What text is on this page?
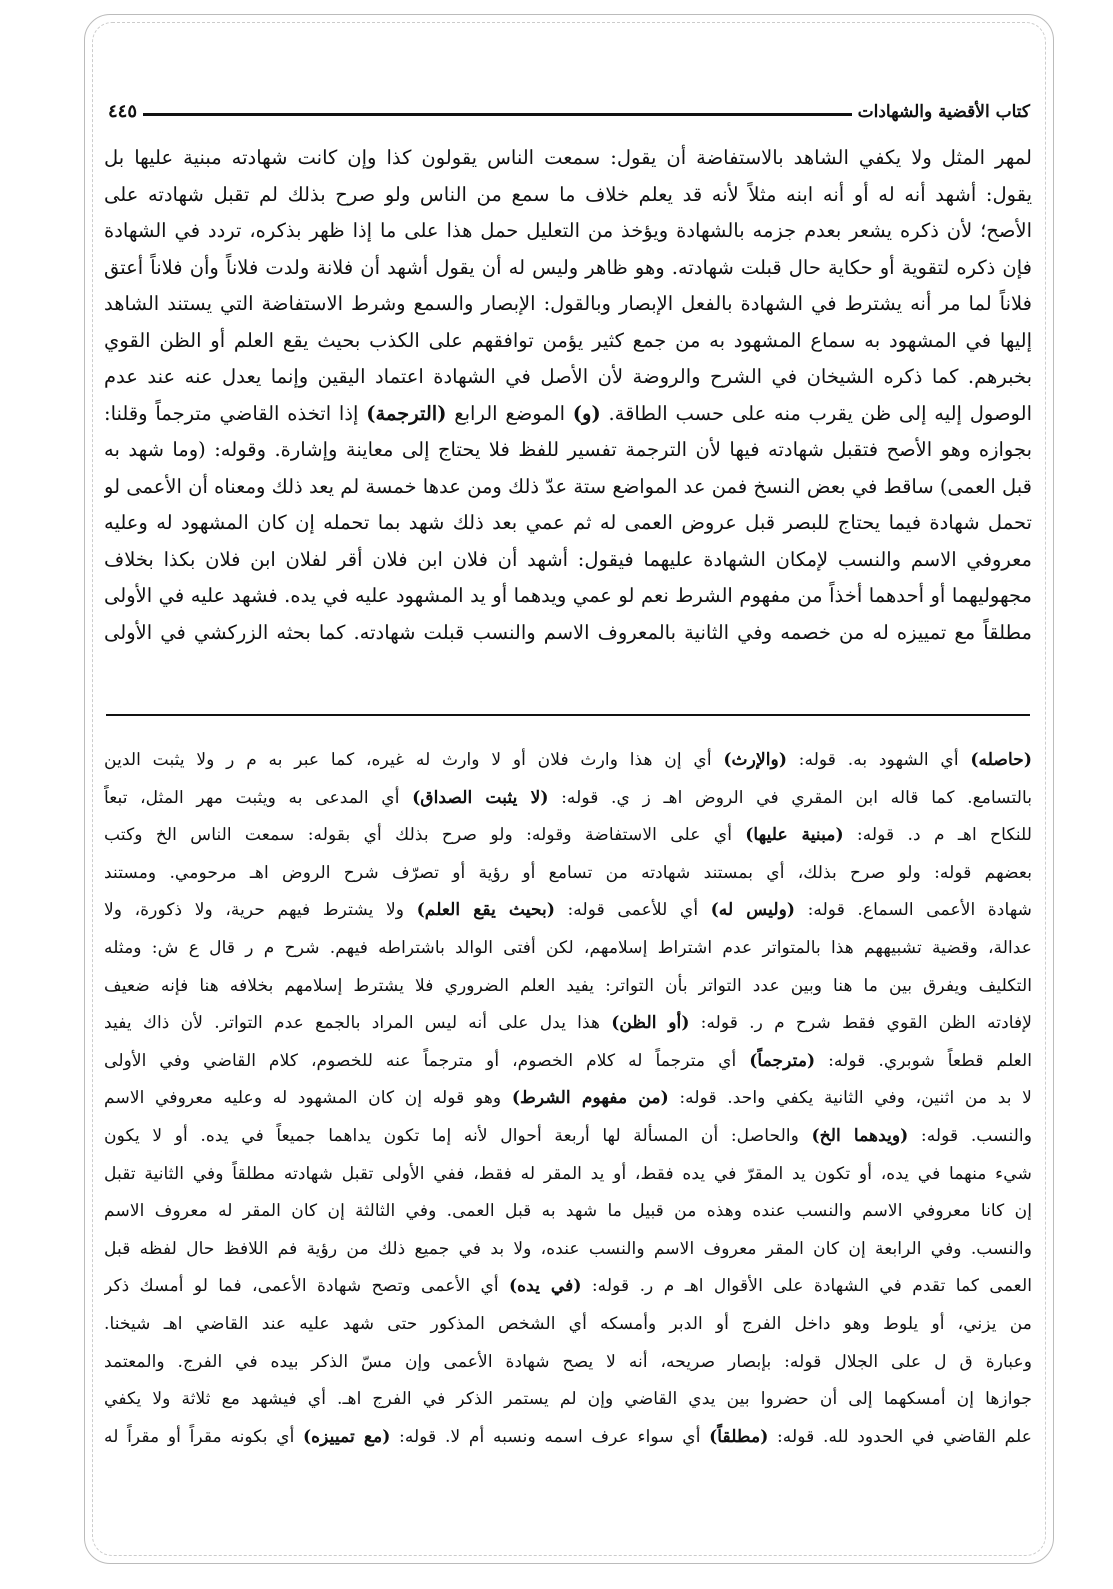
كتاب الأقضية والشهادات
٤٤٥
لمهر المثل ولا يكفي الشاهد بالاستفاضة أن يقول: سمعت الناس يقولون كذا وإن كانت شهادته مبنية عليها بل
يقول: أشهد أنه له أو أنه ابنه مثلاً لأنه قد يعلم خلاف ما سمع من الناس ولو صرح بذلك لم تقبل شهادته على
الأصح؛ لأن ذكره يشعر بعدم جزمه بالشهادة ويؤخذ من التعليل حمل هذا على ما إذا ظهر بذكره، تردد في الشهادة
فإن ذكره لتقوية أو حكاية حال قبلت شهادته. وهو ظاهر وليس له أن يقول أشهد أن فلانة ولدت فلاناً وأن فلاناً أعتق
فلاناً لما مر أنه يشترط في الشهادة بالفعل الإبصار وبالقول: الإبصار والسمع وشرط الاستفاضة التي يستند الشاهد
إليها في المشهود به سماع المشهود به من جمع كثير يؤمن توافقهم على الكذب بحيث يقع العلم أو الظن القوي
بخبرهم. كما ذكره الشيخان في الشرح والروضة لأن الأصل في الشهادة اعتماد اليقين وإنما يعدل عنه عند عدم
الوصول إليه إلى ظن يقرب منه على حسب الطاقة. (و) الموضع الرابع (الترجمة) إذا اتخذه القاضي مترجماً وقلنا:
بجوازه وهو الأصح فتقبل شهادته فيها لأن الترجمة تفسير للفظ فلا يحتاج إلى معاينة وإشارة. وقوله: (وما شهد به
قبل العمى) ساقط في بعض النسخ فمن عد المواضع ستة عدّ ذلك ومن عدها خمسة لم يعد ذلك ومعناه أن الأعمى لو
تحمل شهادة فيما يحتاج للبصر قبل عروض العمى له ثم عمي بعد ذلك شهد بما تحمله إن كان المشهود له وعليه
معروفي الاسم والنسب لإمكان الشهادة عليهما فيقول: أشهد أن فلان ابن فلان أقر لفلان ابن فلان بكذا بخلاف
مجهوليهما أو أحدهما أخذاً من مفهوم الشرط نعم لو عمي ويدهما أو يد المشهود عليه في يده. فشهد عليه في الأولى
مطلقاً مع تمييزه له من خصمه وفي الثانية بالمعروف الاسم والنسب قبلت شهادته. كما بحثه الزركشي في الأولى
(حاصله) أي الشهود به. قوله: (والإرث) أي إن هذا وارث فلان أو لا وارث له غيره، كما عبر به م ر ولا يثبت الدين
بالتسامع. كما قاله ابن المقري في الروض اهـ ز ي. قوله: (لا يثبت الصداق) أي المدعى به ويثبت مهر المثل، تبعاً
للنكاح اهـ م د. قوله: (مبنية عليها) أي على الاستفاضة وقوله: ولو صرح بذلك أي بقوله: سمعت الناس الخ وكتب
بعضهم قوله: ولو صرح بذلك، أي بمستند شهادته من تسامع أو رؤية أو تصرّف شرح الروض اهـ مرحومي. ومستند
شهادة الأعمى السماع. قوله: (وليس له) أي للأعمى قوله: (بحيث يقع العلم) ولا يشترط فيهم حرية، ولا ذكورة، ولا
عدالة، وقضية تشبيههم هذا بالمتواتر عدم اشتراط إسلامهم، لكن أفتى الوالد باشتراطه فيهم. شرح م ر قال ع ش: ومثله
التكليف ويفرق بين ما هنا وبين عدد التواتر بأن التواتر: يفيد العلم الضروري فلا يشترط إسلامهم بخلافه هنا فإنه ضعيف
لإفادته الظن القوي فقط شرح م ر. قوله: (أو الظن) هذا يدل على أنه ليس المراد بالجمع عدم التواتر. لأن ذاك يفيد
العلم قطعاً شوبري. قوله: (مترجماً) أي مترجماً له كلام الخصوم، أو مترجماً عنه للخصوم، كلام القاضي وفي الأولى
لا بد من اثنين، وفي الثانية يكفي واحد. قوله: (من مفهوم الشرط) وهو قوله إن كان المشهود له وعليه معروفي الاسم
والنسب. قوله: (ويدهما الخ) والحاصل: أن المسألة لها أربعة أحوال لأنه إما تكون يداهما جميعاً في يده. أو لا يكون
شيء منهما في يده، أو تكون يد المقرّ في يده فقط، أو يد المقر له فقط، ففي الأولى تقبل شهادته مطلقاً وفي الثانية تقبل
إن كانا معروفي الاسم والنسب عنده وهذه من قبيل ما شهد به قبل العمى. وفي الثالثة إن كان المقر له معروف الاسم
والنسب. وفي الرابعة إن كان المقر معروف الاسم والنسب عنده، ولا بد في جميع ذلك من رؤية فم اللافظ حال لفظه قبل
العمى كما تقدم في الشهادة على الأقوال اهـ م ر. قوله: (في يده) أي الأعمى وتصح شهادة الأعمى، فما لو أمسك ذكر
من يزني، أو يلوط وهو داخل الفرج أو الدبر وأمسكه أي الشخص المذكور حتى شهد عليه عند القاضي اهـ شيخنا.
وعبارة ق ل على الجلال قوله: بإبصار صريحه، أنه لا يصح شهادة الأعمى وإن مسّ الذكر بيده في الفرج. والمعتمد
جوازها إن أمسكهما إلى أن حضروا بين يدي القاضي وإن لم يستمر الذكر في الفرج اهـ. أي فيشهد مع ثلاثة ولا يكفي
علم القاضي في الحدود لله. قوله: (مطلقاً) أي سواء عرف اسمه ونسبه أم لا. قوله: (مع تمييزه) أي بكونه مقراً أو مقراً له
